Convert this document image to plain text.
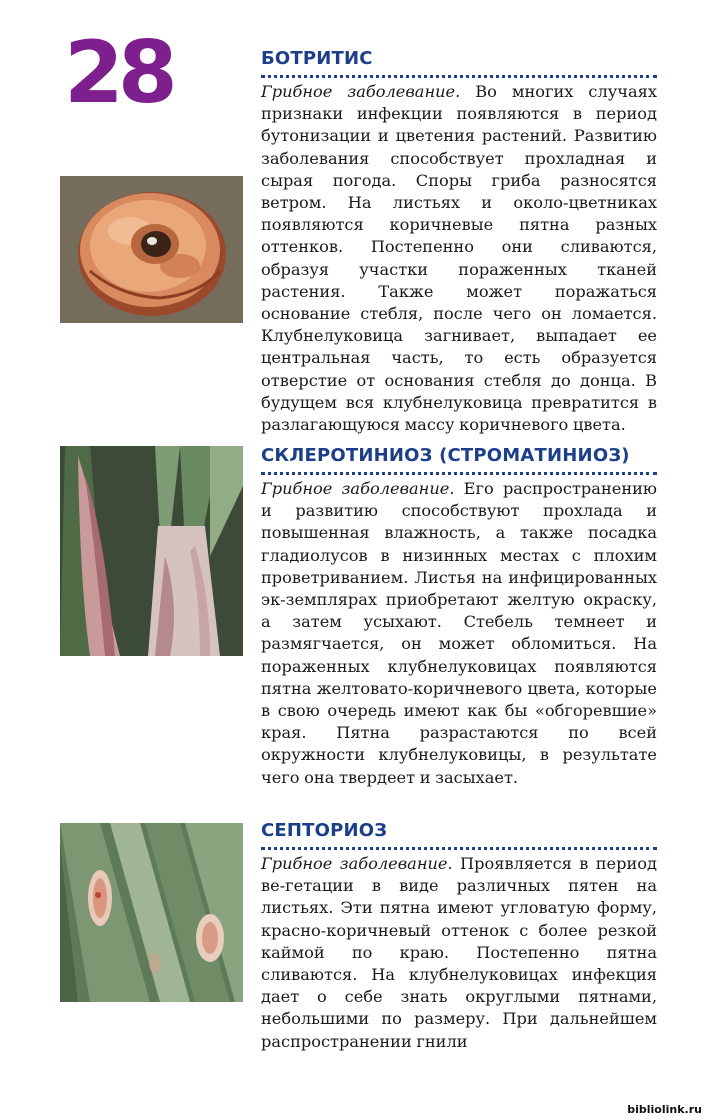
28	БОТРИТИС

Грибное заболевание. Во многих случаях признаки инфекции появляются в период бутонизации и цветения растений. Развитию заболевания способствует прохладная и сырая погода. Споры гриба разносятся ветром. На листьях и около-цветниках появляются коричневые пятна разных оттенков. Постепенно они сливаются, образуя участки пораженных тканей растения. Также может поражаться основание стебля, после чего он ломается. Клубнелуковица загнивает, выпадает ее центральная часть, то есть образуется отверстие от основания стебля до донца. В будущем вся клубнелуковица превратится в разлагающуюся массу коричневого цвета.

СКЛЕРОТИНИОЗ (СТРОМАТИНИОЗ)

Грибное заболевание. Его распространению и развитию способствуют прохлада и повышенная влажность, а также посадка гладиолусов в низинных местах с плохим проветриванием. Листья на инфицированных эк-земплярах приобретают желтую окраску, а затем усыхают. Стебель темнеет и размягчается, он может обломиться. На пораженных клубнелуковицах появляются пятна желтовато-коричневого цвета, которые в свою очередь имеют как бы «обгоревшие» края. Пятна разрастаются по всей окружности клубнелуковицы, в результате чего она твердеет и засыхает.

СЕПТОРИОЗ

Грибное заболевание. Проявляется в период ве-гетации в виде различных пятен на листьях. Эти пятна имеют угловатую форму, красно-коричневый оттенок с более резкой каймой по краю. Постепенно пятна сливаются. На клубнелуковицах инфекция дает о себе знать округлыми пятнами, небольшими по размеру. При дальнейшем распространении гнили

bibliolink.ru
